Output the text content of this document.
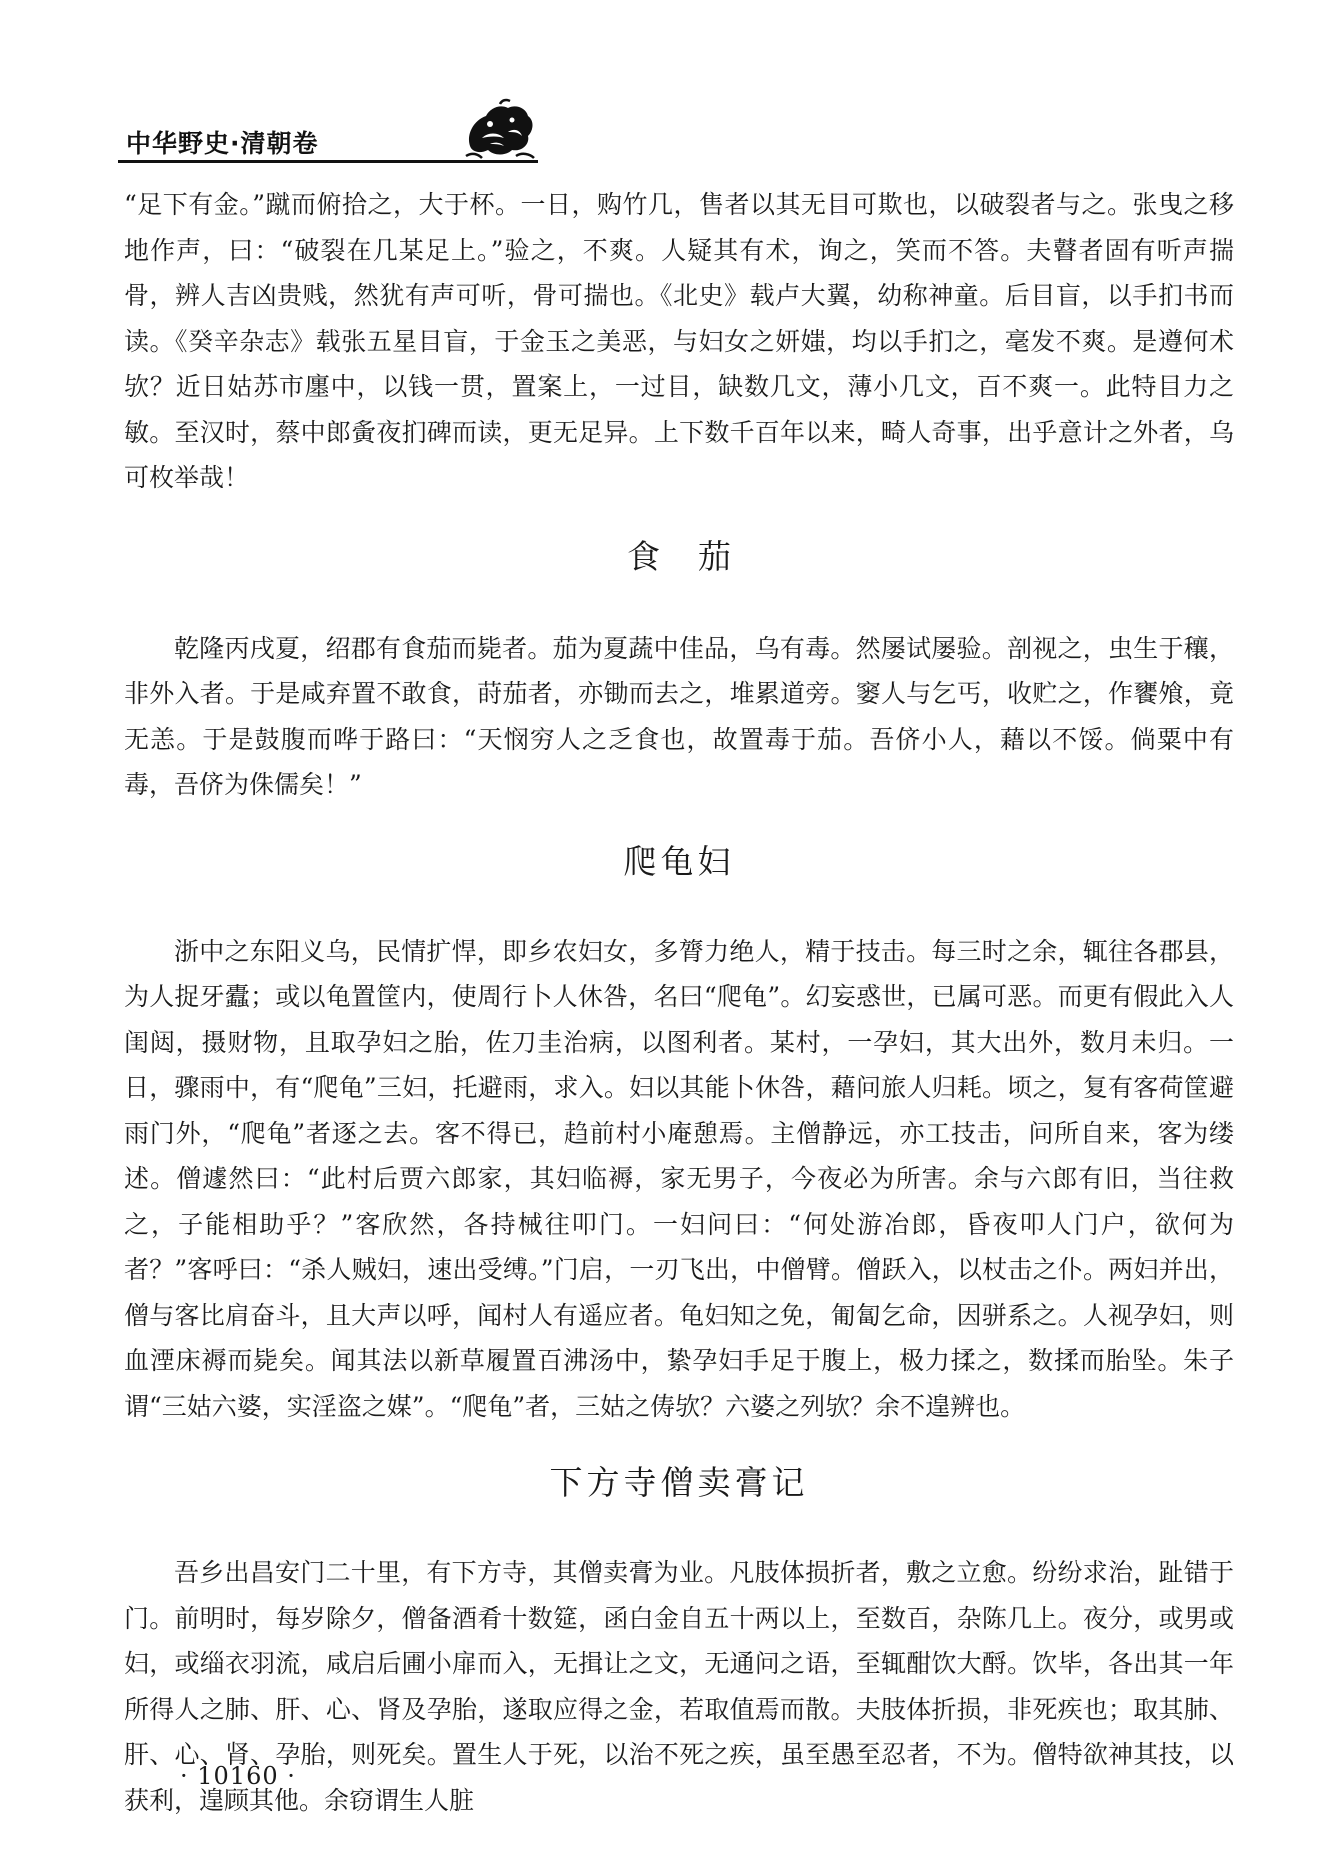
中华野史·清朝卷

“足下有金。”蹴而俯拾之，大于杯。一日，购竹几，售者以其无目可欺也，以破裂者与之。张曳之移地作声，曰：“破裂在几某足上。”验之，不爽。人疑其有术，询之，笑而不答。夫瞽者固有听声揣骨，辨人吉凶贵贱，然犹有声可听，骨可揣也。《北史》载卢大翼，幼称神童。后目盲，以手扪书而读。《癸辛杂志》载张五星目盲，于金玉之美恶，与妇女之妍媸，均以手扪之，毫发不爽。是遵何术欤？近日姑苏市廛中，以钱一贯，置案上，一过目，缺数几文，薄小几文，百不爽一。此特目力之敏。至汉时，蔡中郎夤夜扪碑而读，更无足异。上下数千百年以来，畸人奇事，出乎意计之外者，乌可枚举哉！

食茄

乾隆丙戌夏，绍郡有食茄而毙者。茄为夏蔬中佳品，乌有毒。然屡试屡验。剖视之，虫生于穰，非外入者。于是咸弃置不敢食，莳茄者，亦锄而去之，堆累道旁。窭人与乞丐，收贮之，作饔飧，竟无恙。于是鼓腹而哗于路曰：“天悯穷人之乏食也，故置毒于茄。吾侪小人，藉以不馁。倘粟中有毒，吾侪为侏儒矣！”

爬龟妇

浙中之东阳义乌，民情扩悍，即乡农妇女，多膂力绝人，精于技击。每三时之余，辄往各郡县，为人捉牙蠹；或以龟置筐内，使周行卜人休咎，名曰“爬龟”。幻妄惑世，已属可恶。而更有假此入人闺闼，摄财物，且取孕妇之胎，佐刀圭治病，以图利者。某村，一孕妇，其大出外，数月未归。一日，骤雨中，有“爬龟”三妇，托避雨，求入。妇以其能卜休咎，藉问旅人归耗。顷之，复有客荷筐避雨门外，“爬龟”者逐之去。客不得已，趋前村小庵憩焉。主僧静远，亦工技击，问所自来，客为缕述。僧遽然曰：“此村后贾六郎家，其妇临褥，家无男子，今夜必为所害。余与六郎有旧，当往救之，子能相助乎？”客欣然，各持械往叩门。一妇问曰：“何处游冶郎，昏夜叩人门户，欲何为者？”客呼曰：“杀人贼妇，速出受缚。”门启，一刃飞出，中僧臂。僧跃入，以杖击之仆。两妇并出，僧与客比肩奋斗，且大声以呼，闻村人有遥应者。龟妇知之免，匍匐乞命，因骈系之。人视孕妇，则血湮床褥而毙矣。闻其法以新草履置百沸汤中，絷孕妇手足于腹上，极力揉之，数揉而胎坠。朱子谓“三姑六婆，实淫盗之媒”。“爬龟”者，三姑之俦欤？六婆之列欤？余不遑辨也。

下方寺僧卖膏记

吾乡出昌安门二十里，有下方寺，其僧卖膏为业。凡肢体损折者，敷之立愈。纷纷求治，趾错于门。前明时，每岁除夕，僧备酒肴十数筵，函白金自五十两以上，至数百，杂陈几上。夜分，或男或妇，或缁衣羽流，咸启后圃小扉而入，无揖让之文，无通问之语，至辄酣饮大酹。饮毕，各出其一年所得人之肺、肝、心、肾及孕胎，遂取应得之金，若取值焉而散。夫肢体折损，非死疾也；取其肺、肝、心、肾、孕胎，则死矣。置生人于死，以治不死之疾，虽至愚至忍者，不为。僧特欲神其技，以获利，遑顾其他。余窃谓生人脏

· 10160 ·
